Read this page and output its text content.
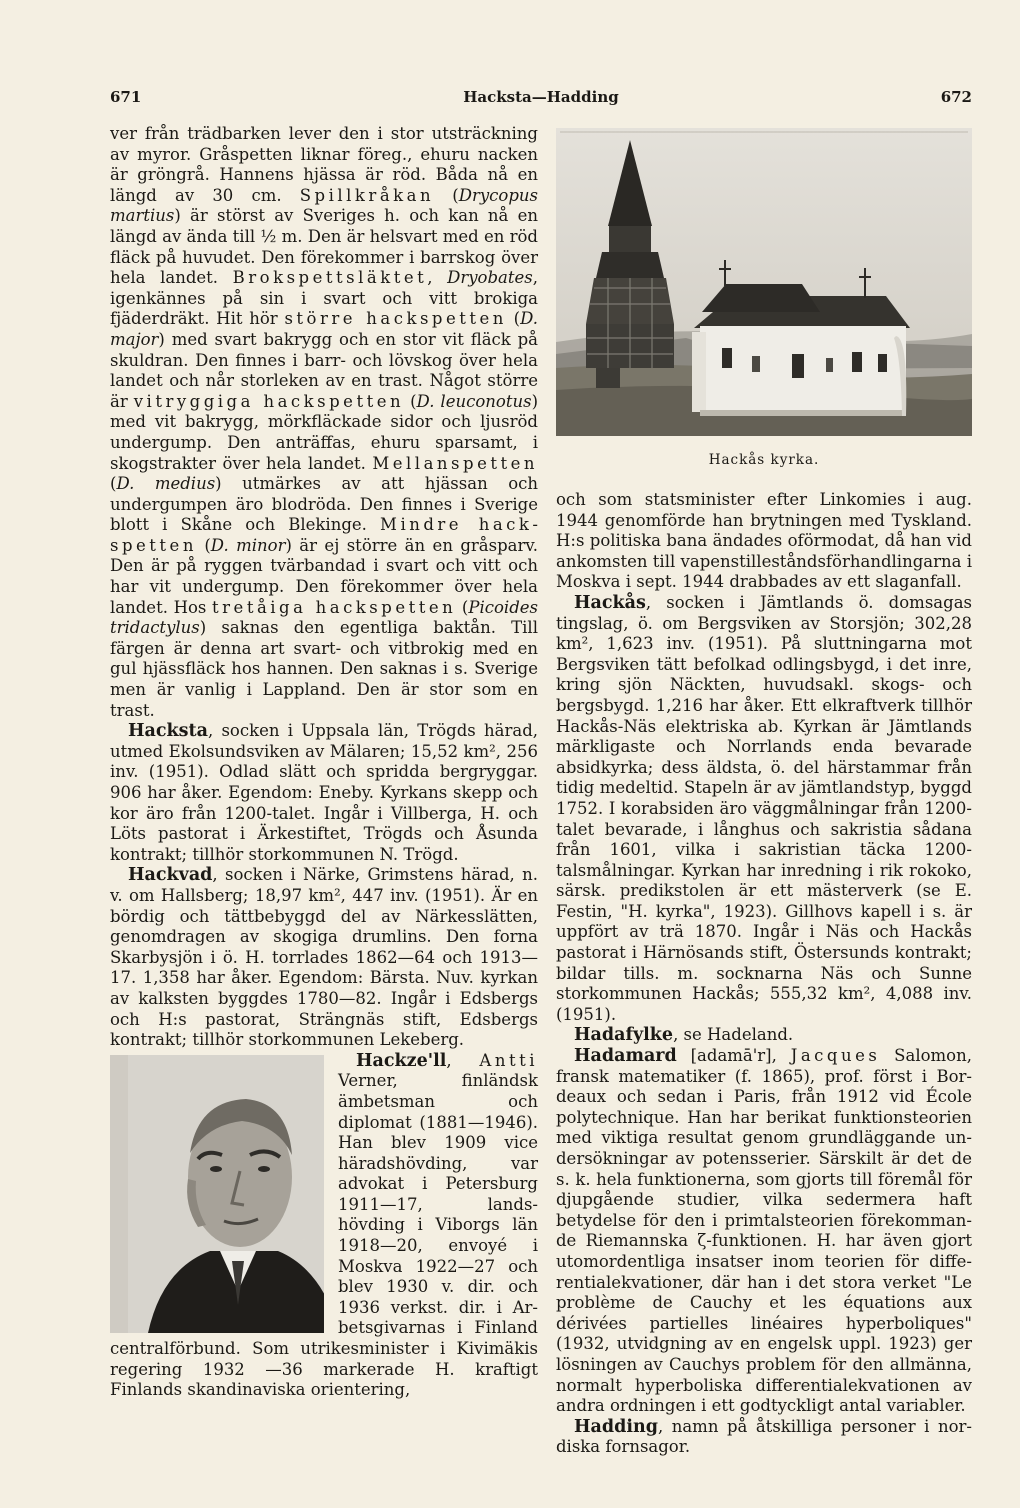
671	Hacksta—Hadding	672

ver från trädbarken lever den i stor utsträckning av myror. Gråspetten liknar föreg., ehuru nacken är gröngrå. Hannens hjässa är röd. Båda nå en längd av 30 cm. Spillkråkan (Drycopus martius) är störst av Sveriges h. och kan nå en längd av ända till ½ m. Den är helsvart med en röd fläck på huvudet. Den förekommer i barrskog över hela landet. Brokspettsläktet, Dryobates, igenkännes på sin i svart och vitt brokiga fjäderdräkt. Hit hör större hackspetten (D. major) med svart bakrygg och en stor vit fläck på skuldran. Den finnes i barr- och lövskog över hela landet och når storleken av en trast. Något större är vitryggiga hackspetten (D. leuconotus) med vit bakrygg, mörkfläckade sidor och ljusröd undergump. Den anträffas, ehuru sparsamt, i skogstrakter över hela landet. Mellanspetten (D. medius) utmärkes av att hjässan och undergumpen äro blodröda. Den finnes i Sverige blott i Skåne och Blekinge. Mindre hackspetten (D. minor) är ej större än en gråsparv. Den är på ryggen tvärbandad i svart och vitt och har vit undergump. Den förekommer över hela landet. Hos tretåiga hackspetten (Picoides tridactylus) saknas den egentliga baktån. Till färgen är denna art svart- och vitbrokig med en gul hjässfläck hos hannen. Den saknas i s. Sverige men är vanlig i Lappland. Den är stor som en trast.

Hacksta, socken i Uppsala län, Trögds härad, utmed Ekolsundsviken av Mälaren; 15,52 km², 256 inv. (1951). Odlad slätt och spridda bergryggar. 906 har åker. Egendom: Eneby. Kyrkans skepp och kor äro från 1200-talet. Ingår i Villberga, H. och Löts pastorat i Ärkestiftet, Trögds och Åsunda kontrakt; tillhör storkommunen N. Trögd.

Hackvad, socken i Närke, Grimstens härad, n. v. om Hallsberg; 18,97 km², 447 inv. (1951). Är en bördig och tättbebyggd del av Närkesslätten, genomdragen av skogiga drumlins. Den forna Skarbysjön i ö. H. torrlades 1862—64 och 1913—17. 1,358 har åker. Egendom: Bärsta. Nuv. kyrkan av kalksten byggdes 1780—82. Ingår i Edsbergs och H:s pastorat, Strängnäs stift, Edsbergs kontrakt; tillhör storkommunen Lekeberg.

Hackze'll, Antti Verner, finländsk ämbetsman och diplomat (1881—1946). Han blev 1909 vice häradshövding, var advokat i Petersburg 1911—17, landshövding i Viborgs län 1918—20, envoyé i Moskva 1922—27 och blev 1930 v. dir. och 1936 verkst. dir. i Arbetsgivarnas i Finland centralförbund. Som utrikesminister i Kivimäkis regering 1932 —36 markerade H. kraftigt Finlands skandinaviska orientering,

Hackås kyrka.

och som statsminister efter Linkomies i aug. 1944 genomförde han brytningen med Tyskland. H:s politiska bana ändades oförmodat, då han vid ankomsten till vapenstilleståndsförhandlingarna i Moskva i sept. 1944 drabbades av ett slaganfall.

Hackås, socken i Jämtlands ö. domsagas tingslag, ö. om Bergsviken av Storsjön; 302,28 km², 1,623 inv. (1951). På sluttningarna mot Bergsviken tätt befolkad odlingsbygd, i det inre, kring sjön Näckten, huvudsakl. skogs- och bergsbygd. 1,216 har åker. Ett elkraftverk tillhör Hackås-Näs elektriska ab. Kyrkan är Jämtlands märkligaste och Norrlands enda bevarade absidkyrka; dess äldsta, ö. del härstammar från tidig medeltid. Stapeln är av jämtlandstyp, byggd 1752. I korabsiden äro väggmålningar från 1200-talet bevarade, i långhus och sakristia sådana från 1601, vilka i sakristian täcka 1200-talsmålningar. Kyrkan har inredning i rik rokoko, särsk. predikstolen är ett mästerverk (se E. Festin, "H. kyrka", 1923). Gillhovs kapell i s. är uppfört av trä 1870. Ingår i Näs och Hackås pastorat i Härnösands stift, Östersunds kontrakt; bildar tills. m. socknarna Näs och Sunne storkommunen Hackås; 555,32 km², 4,088 inv. (1951).

Hadafylke, se Hadeland.

Hadamard [adamā'r], Jacques Salomon, fransk matematiker (f. 1865), prof. först i Bordeaux och sedan i Paris, från 1912 vid École polytechnique. Han har berikat funktionsteorien med viktiga resultat genom grundläggande undersökningar av potensserier. Särskilt är det de s. k. hela funktionerna, som gjorts till föremål för djupgående studier, vilka sedermera haft betydelse för den i primtalsteorien förekommande Riemannska ζ-funktionen. H. har även gjort utomordentliga insatser inom teorien för differentialekvationer, där han i det stora verket "Le problème de Cauchy et les équations aux dérivées partielles linéaires hyperboliques" (1932, utvidgning av en engelsk uppl. 1923) ger lösningen av Cauchys problem för den allmänna, normalt hyperboliska differentialekvationen av andra ordningen i ett godtyckligt antal variabler.

Hadding, namn på åtskilliga personer i nordiska fornsagor.
